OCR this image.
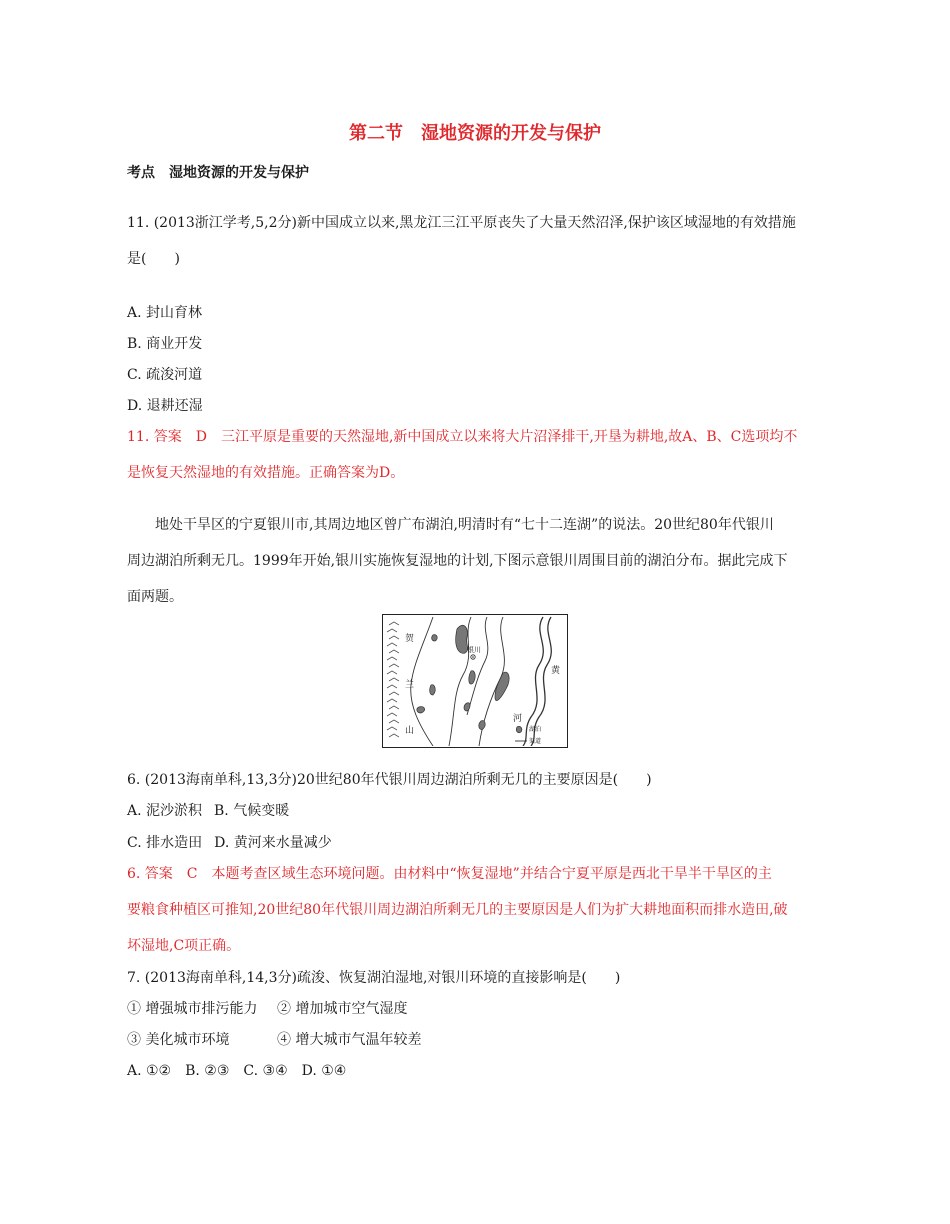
第二节　湿地资源的开发与保护
考点　湿地资源的开发与保护
11. (2013浙江学考,5,2分)新中国成立以来,黑龙江三江平原丧失了大量天然沼泽,保护该区域湿地的有效措施
是(　　)
A. 封山育林
B. 商业开发
C. 疏浚河道
D. 退耕还湿
11. 答案　D　三江平原是重要的天然湿地,新中国成立以来将大片沼泽排干,开垦为耕地,故A、B、C选项均不
是恢复天然湿地的有效措施。正确答案为D。
地处干旱区的宁夏银川市,其周边地区曾广布湖泊,明清时有“七十二连湖”的说法。20世纪80年代银川
周边湖泊所剩无几。1999年开始,银川实施恢复湿地的计划,下图示意银川周围目前的湖泊分布。据此完成下
面两题。
贺
兰
山
银川
黄
河
湖泊
渠道
6. (2013海南单科,13,3分)20世纪80年代银川周边湖泊所剩无几的主要原因是(　　)
A. 泥沙淤积 B. 气候变暖
C. 排水造田 D. 黄河来水量减少
6. 答案　C　本题考查区域生态环境问题。由材料中“恢复湿地”并结合宁夏平原是西北干旱半干旱区的主
要粮食种植区可推知,20世纪80年代银川周边湖泊所剩无几的主要原因是人们为扩大耕地面积而排水造田,破
坏湿地,C项正确。
7. (2013海南单科,14,3分)疏浚、恢复湖泊湿地,对银川环境的直接影响是(　　)
① 增强城市排污能力 ② 增加城市空气湿度
③ 美化城市环境	④ 增大城市气温年较差
A. ①②　B. ②③　C. ③④　D. ①④
